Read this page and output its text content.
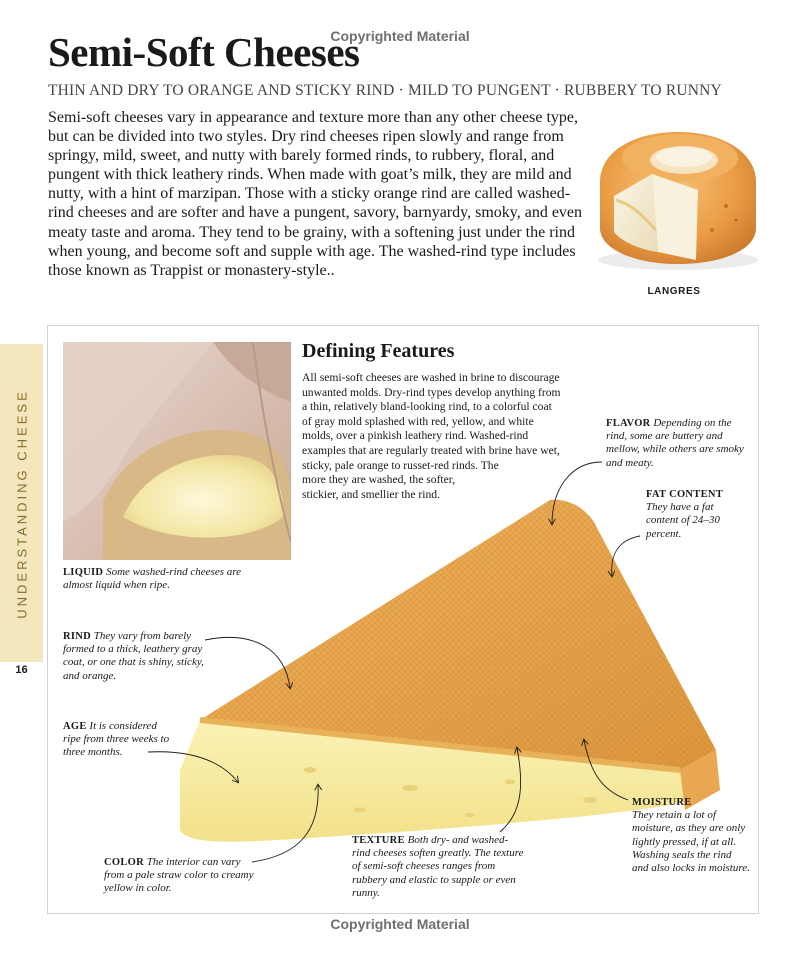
Copyrighted Material
Semi-Soft Cheeses
THIN AND DRY TO ORANGE AND STICKY RIND · MILD TO PUNGENT · RUBBERY TO RUNNY
Semi-soft cheeses vary in appearance and texture more than any other cheese type, but can be divided into two styles. Dry rind cheeses ripen slowly and range from springy, mild, sweet, and nutty with barely formed rinds, to rubbery, floral, and pungent with thick leathery rinds. When made with goat’s milk, they are mild and nutty, with a hint of marzipan. Those with a sticky orange rind are called washed-rind cheeses and are softer and have a pungent, savory, barnyardy, smoky, and even meaty taste and aroma. They tend to be grainy, with a softening just under the rind when young, and become soft and supple with age. The washed-rind type includes those known as Trappist or monastery-style..
LANGRES
UNDERSTANDING CHEESE
16
Defining Features
All semi-soft cheeses are washed in brine to discourage unwanted molds. Dry-rind types develop anything from a thin, relatively bland-looking rind, to a colorful coat of gray mold splashed with red, yellow, and white molds, over a pinkish leathery rind. Washed-rind examples that are regularly treated with brine have wet, sticky, pale orange to russet-red rinds. The
more they are washed, the softer, stickier, and smellier the rind.
LIQUID Some washed-rind cheeses are almost liquid when ripe.
RIND They vary from barely formed to a thick, leathery gray coat, or one that is shiny, sticky, and orange.
AGE It is considered ripe from three weeks to three months.
COLOR The interior can vary from a pale straw color to creamy yellow in color.
TEXTURE Both dry- and washed-rind cheeses soften greatly. The texture of semi-soft cheeses ranges from rubbery and elastic to supple or even runny.
MOISTURE
They retain a lot of moisture, as they are only lightly pressed, if at all. Washing seals the rind and also locks in moisture.
FLAVOR Depending on the rind, some are buttery and mellow, while others are smoky and meaty.
FAT CONTENT
They have a fat content of 24–30 percent.
Copyrighted Material
